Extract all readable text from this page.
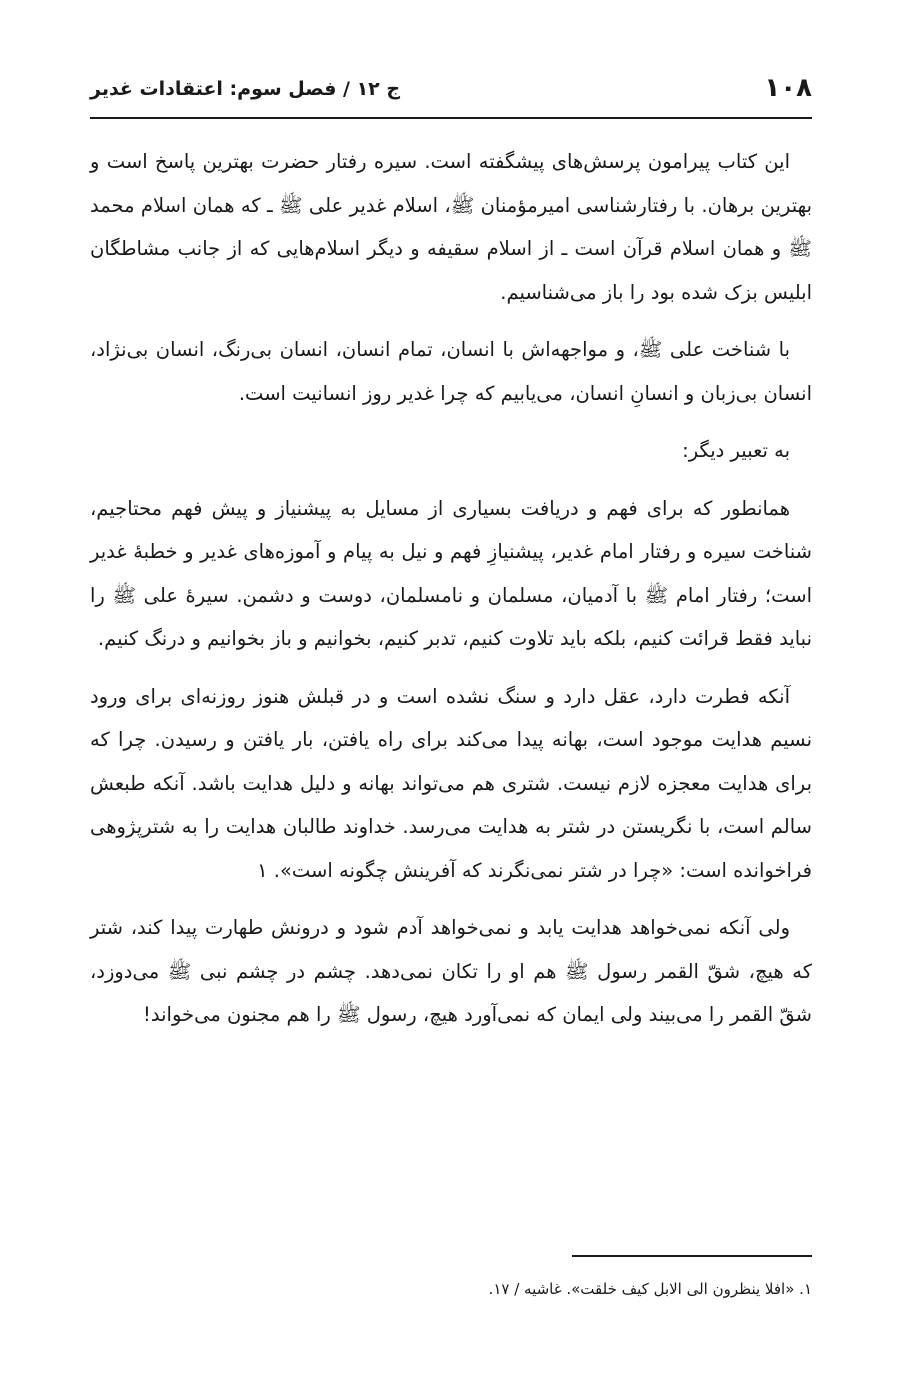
۱۰۸
ج ۱۲ / فصل سوم: اعتقادات غدیر

این کتاب پیرامون پرسش‌های پیشگفته است. سیره رفتار حضرت بهترین پاسخ است و بهترین برهان. با رفتارشناسی امیرمؤمنان ﷺ، اسلام غدیر علی ﷺ ـ که همان اسلام محمد ﷺ و همان اسلام قرآن است ـ از اسلام سقیفه و دیگر اسلام‌هایی که از جانب مشاطگان ابلیس بزک شده بود را باز می‌شناسیم.

با شناخت علی ﷺ، و مواجهه‌اش با انسان، تمام انسان، انسان بی‌رنگ، انسان بی‌نژاد، انسان بی‌زبان و انسانِ انسان، می‌یابیم که چرا غدیر روز انسانیت است.

به تعبیر دیگر:

همانطور که برای فهم و دریافت بسیاری از مسایل به پیشنیاز و پیش فهم محتاجیم، شناخت سیره و رفتار امام غدیر، پیشنیازِ فهم و نیل به پیام و آموزه‌های غدیر و خطبهٔ غدیر است؛ رفتار امام ﷺ با آدمیان، مسلمان و نامسلمان، دوست و دشمن. سیرهٔ علی ﷺ را نباید فقط قرائت کنیم، بلکه باید تلاوت کنیم، تدبر کنیم، بخوانیم و باز بخوانیم و درنگ کنیم.

آنکه فطرت دارد، عقل دارد و سنگ نشده است و در قبلش هنوز روزنه‌ای برای ورود نسیم هدایت موجود است، بهانه پیدا می‌کند برای راه یافتن، بار یافتن و رسیدن. چرا که برای هدایت معجزه لازم نیست. شتری هم می‌تواند بهانه و دلیل هدایت باشد. آنکه طبعش سالم است، با نگریستن در شتر به هدایت می‌رسد. خداوند طالبان هدایت را به شترپژوهی فراخوانده است: «چرا در شتر نمی‌نگرند که آفرینش چگونه است». ۱

ولی آنکه نمی‌خواهد هدایت یابد و نمی‌خواهد آدم شود و درونش طهارت پیدا کند، شتر که هیچ، شقّ القمر رسول ﷺ هم او را تکان نمی‌دهد. چشم در چشم نبی ﷺ می‌دوزد، شقّ القمر را می‌بیند ولی ایمان که نمی‌آورد هیچ، رسول ﷺ را هم مجنون می‌خواند!

۱. «افلا ینظرون الی الابل کیف خلقت». غاشیه / ۱۷.
